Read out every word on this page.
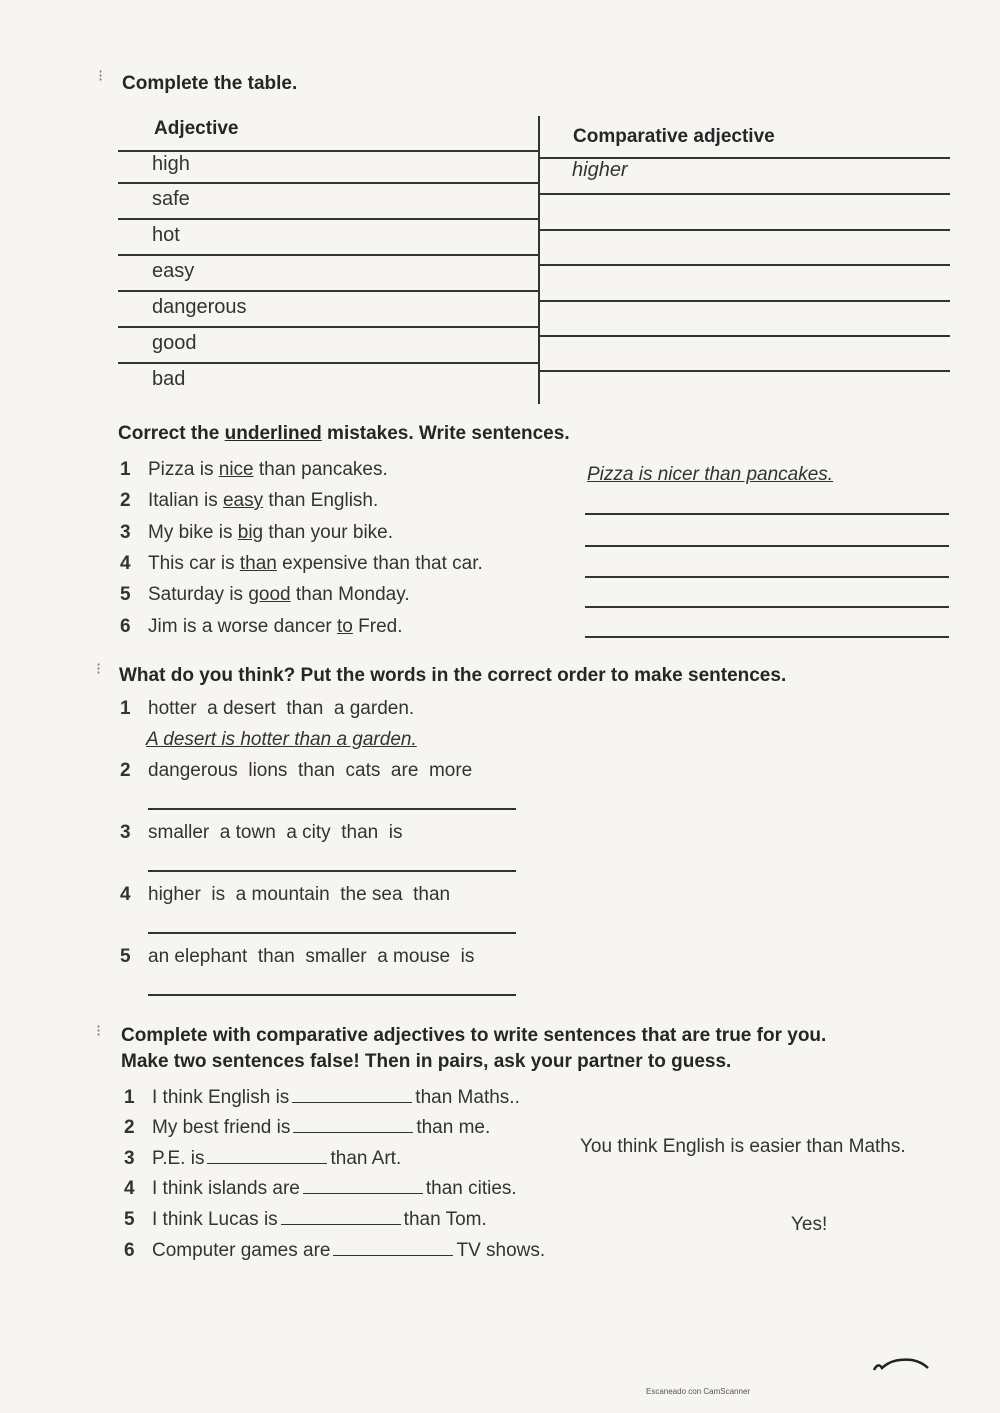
⁝ Complete the table.
Adjective	Comparative adjective
high	higher
safe
hot
easy
dangerous
good
bad
Correct the underlined mistakes. Write sentences.
1 Pizza is nice than pancakes.	Pizza is nicer than pancakes.
2 Italian is easy than English.
3 My bike is big than your bike.
4 This car is than expensive than that car.
5 Saturday is good than Monday.
6 Jim is a worse dancer to Fred.
⁝ What do you think? Put the words in the correct order to make sentences.
1 hotter  a desert  than  a garden.
A desert is hotter than a garden.
2 dangerous  lions  than  cats  are  more
3 smaller  a town  a city  than  is
4 higher  is  a mountain  the sea  than
5 an elephant  than  smaller  a mouse  is
⁝ Complete with comparative adjectives to write sentences that are true for you.
Make two sentences false! Then in pairs, ask your partner to guess.
1 I think English is	than Maths..
2 My best friend is	than me.
3 P.E. is	than Art.
4 I think islands are	than cities.
5 I think Lucas is	than Tom.
6 Computer games are	TV shows.
You think English is easier than Maths.
Yes!
Escaneado con CamScanner
